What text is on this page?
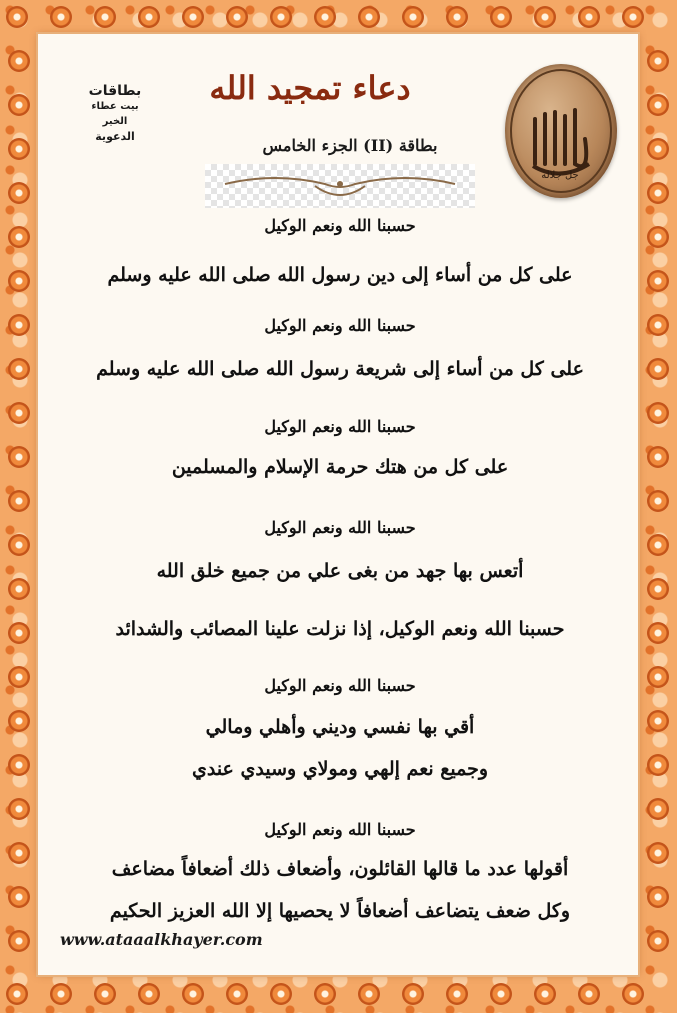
بطاقات
بيت عطاء الخير
الدعوية
دعاء تمجيد الله
جل جلاله
بطاقة (II) الجزء الخامس
حسبنا الله ونعم الوكيل
على كل من أساء إلى دين رسول الله صلى الله عليه وسلم
حسبنا الله ونعم الوكيل
على كل من أساء إلى شريعة رسول الله صلى الله عليه وسلم
حسبنا الله ونعم الوكيل
على كل من هتك حرمة الإسلام والمسلمين
حسبنا الله ونعم الوكيل
أتعس بها جهد من بغى علي من جميع خلق الله
حسبنا الله ونعم الوكيل، إذا نزلت علينا المصائب والشدائد
حسبنا الله ونعم الوكيل
أقي بها نفسي وديني وأهلي ومالي
وجميع نعم إلهي ومولاي وسيدي عندي
حسبنا الله ونعم الوكيل
أقولها عدد ما قالها القائلون، وأضعاف ذلك أضعافاً مضاعف
وكل ضعف يتضاعف أضعافاً لا يحصيها إلا الله العزيز الحكيم
www.ataaalkhayer.com
